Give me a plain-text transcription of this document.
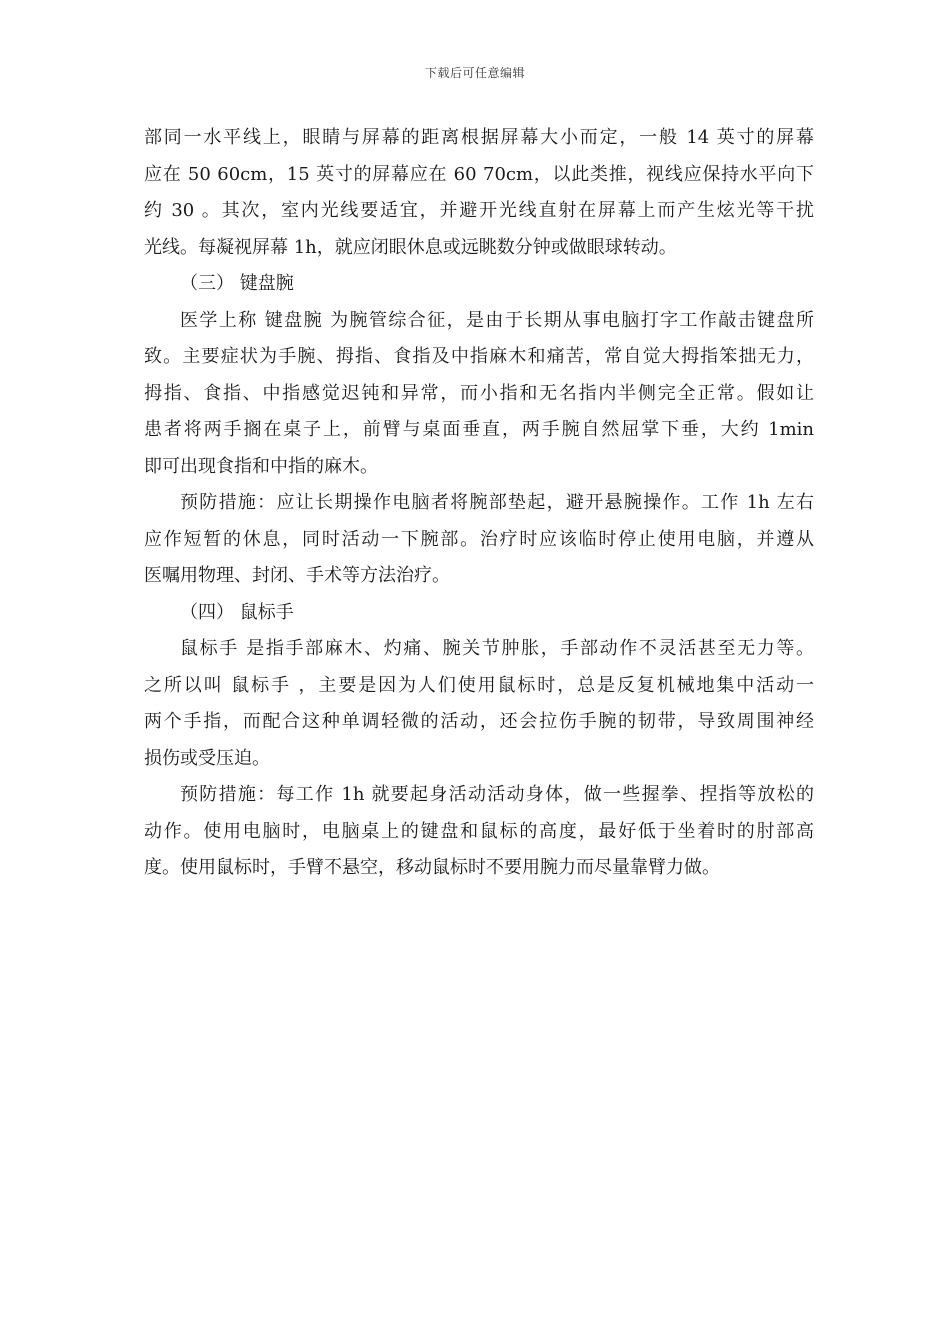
下载后可任意编辑
部同一水平线上，眼睛与屏幕的距离根据屏幕大小而定，一般 14 英寸的屏幕
应在 50 60cm，15 英寸的屏幕应在 60 70cm，以此类推，视线应保持水平向下
约 30 。其次，室内光线要适宜，并避开光线直射在屏幕上而产生炫光等干扰
光线。每凝视屏幕 1h，就应闭眼休息或远眺数分钟或做眼球转动。
（三） 键盘腕
医学上称 键盘腕 为腕管综合征，是由于长期从事电脑打字工作敲击键盘所
致。主要症状为手腕、拇指、食指及中指麻木和痛苦，常自觉大拇指笨拙无力，
拇指、食指、中指感觉迟钝和异常，而小指和无名指内半侧完全正常。假如让
患者将两手搁在桌子上，前臂与桌面垂直，两手腕自然屈掌下垂，大约 1min
即可出现食指和中指的麻木。
预防措施：应让长期操作电脑者将腕部垫起，避开悬腕操作。工作 1h 左右
应作短暂的休息，同时活动一下腕部。治疗时应该临时停止使用电脑，并遵从
医嘱用物理、封闭、手术等方法治疗。
（四） 鼠标手
鼠标手 是指手部麻木、灼痛、腕关节肿胀，手部动作不灵活甚至无力等。
之所以叫 鼠标手 ，主要是因为人们使用鼠标时，总是反复机械地集中活动一
两个手指，而配合这种单调轻微的活动，还会拉伤手腕的韧带，导致周围神经
损伤或受压迫。
预防措施：每工作 1h 就要起身活动活动身体，做一些握拳、捏指等放松的
动作。使用电脑时，电脑桌上的键盘和鼠标的高度，最好低于坐着时的肘部高
度。使用鼠标时，手臂不悬空，移动鼠标时不要用腕力而尽量靠臂力做。
